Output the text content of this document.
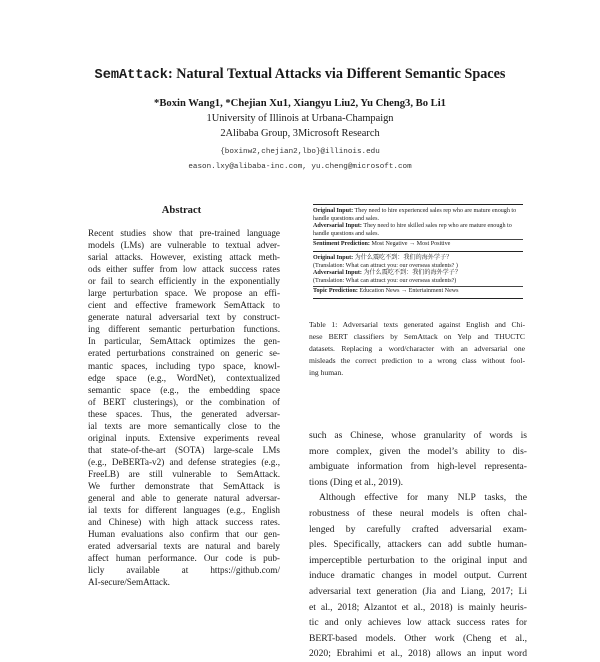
SemAttack: Natural Textual Attacks via Different Semantic Spaces
*Boxin Wang1, *Chejian Xu1, Xiangyu Liu2, Yu Cheng3, Bo Li1
1University of Illinois at Urbana-Champaign
2Alibaba Group, 3Microsoft Research
{boxinw2,chejian2,lbo}@illinois.edu
eason.lxy@alibaba-inc.com, yu.cheng@microsoft.com
Abstract
Recent studies show that pre-trained language
models (LMs) are vulnerable to textual adver-
sarial attacks. However, existing attack meth-
ods either suffer from low attack success rates
or fail to search efficiently in the exponentially
large perturbation space. We propose an effi-
cient and effective framework SemAttack to
generate natural adversarial text by construct-
ing different semantic perturbation functions.
In particular, SemAttack optimizes the gen-
erated perturbations constrained on generic se-
mantic spaces, including typo space, knowl-
edge space (e.g., WordNet), contextualized
semantic space (e.g., the embedding space
of BERT clusterings), or the combination of
these spaces. Thus, the generated adversar-
ial texts are more semantically close to the
original inputs. Extensive experiments reveal
that state-of-the-art (SOTA) large-scale LMs
(e.g., DeBERTa-v2) and defense strategies (e.g.,
FreeLB) are still vulnerable to SemAttack.
We further demonstrate that SemAttack is
general and able to generate natural adversar-
ial texts for different languages (e.g., English
and Chinese) with high attack success rates.
Human evaluations also confirm that our gen-
erated adversarial texts are natural and barely
affect human performance. Our code is pub-
licly available at https://github.com/
AI-secure/SemAttack.
Original Input: They need to hire experienced sales rep who are mature enough to handle questions and sales.
Adversarial Input: They need to hire skilled sales rep who are mature enough to handle questions and sales.
Sentiment Prediction: Most Negative → Most Positive
Original Input: 为什么震吃不到：我们的海外学子？
(Translation: What can attract you: our overseas students? )
Adversarial Input: 为什么震吃不到：我们的海外学子？
(Translation: What can attract you: our overseas students?)
Topic Prediction: Education News → Entertainment News
Table 1: Adversarial texts generated against English and Chi-
nese BERT classifiers by SemAttack on Yelp and THUCTC
datasets. Replacing a word/character with an adversarial one
misleads the correct prediction to a wrong class without fool-
ing human.
such as Chinese, whose granularity of words is
more complex, given the model’s ability to dis-
ambiguate information from high-level representa-
tions (Ding et al., 2019).
Although effective for many NLP tasks, the
robustness of these neural models is often chal-
lenged by carefully crafted adversarial exam-
ples. Specifically, attackers can add subtle human-
imperceptible perturbation to the original input and
induce dramatic changes in model output. Current
adversarial text generation (Jia and Liang, 2017; Li
et al., 2018; Alzantot et al., 2018) is mainly heuris-
tic and only achieves low attack success rates for
BERT-based models. Other work (Cheng et al.,
2020; Ebrahimi et al., 2018) allows an input word
